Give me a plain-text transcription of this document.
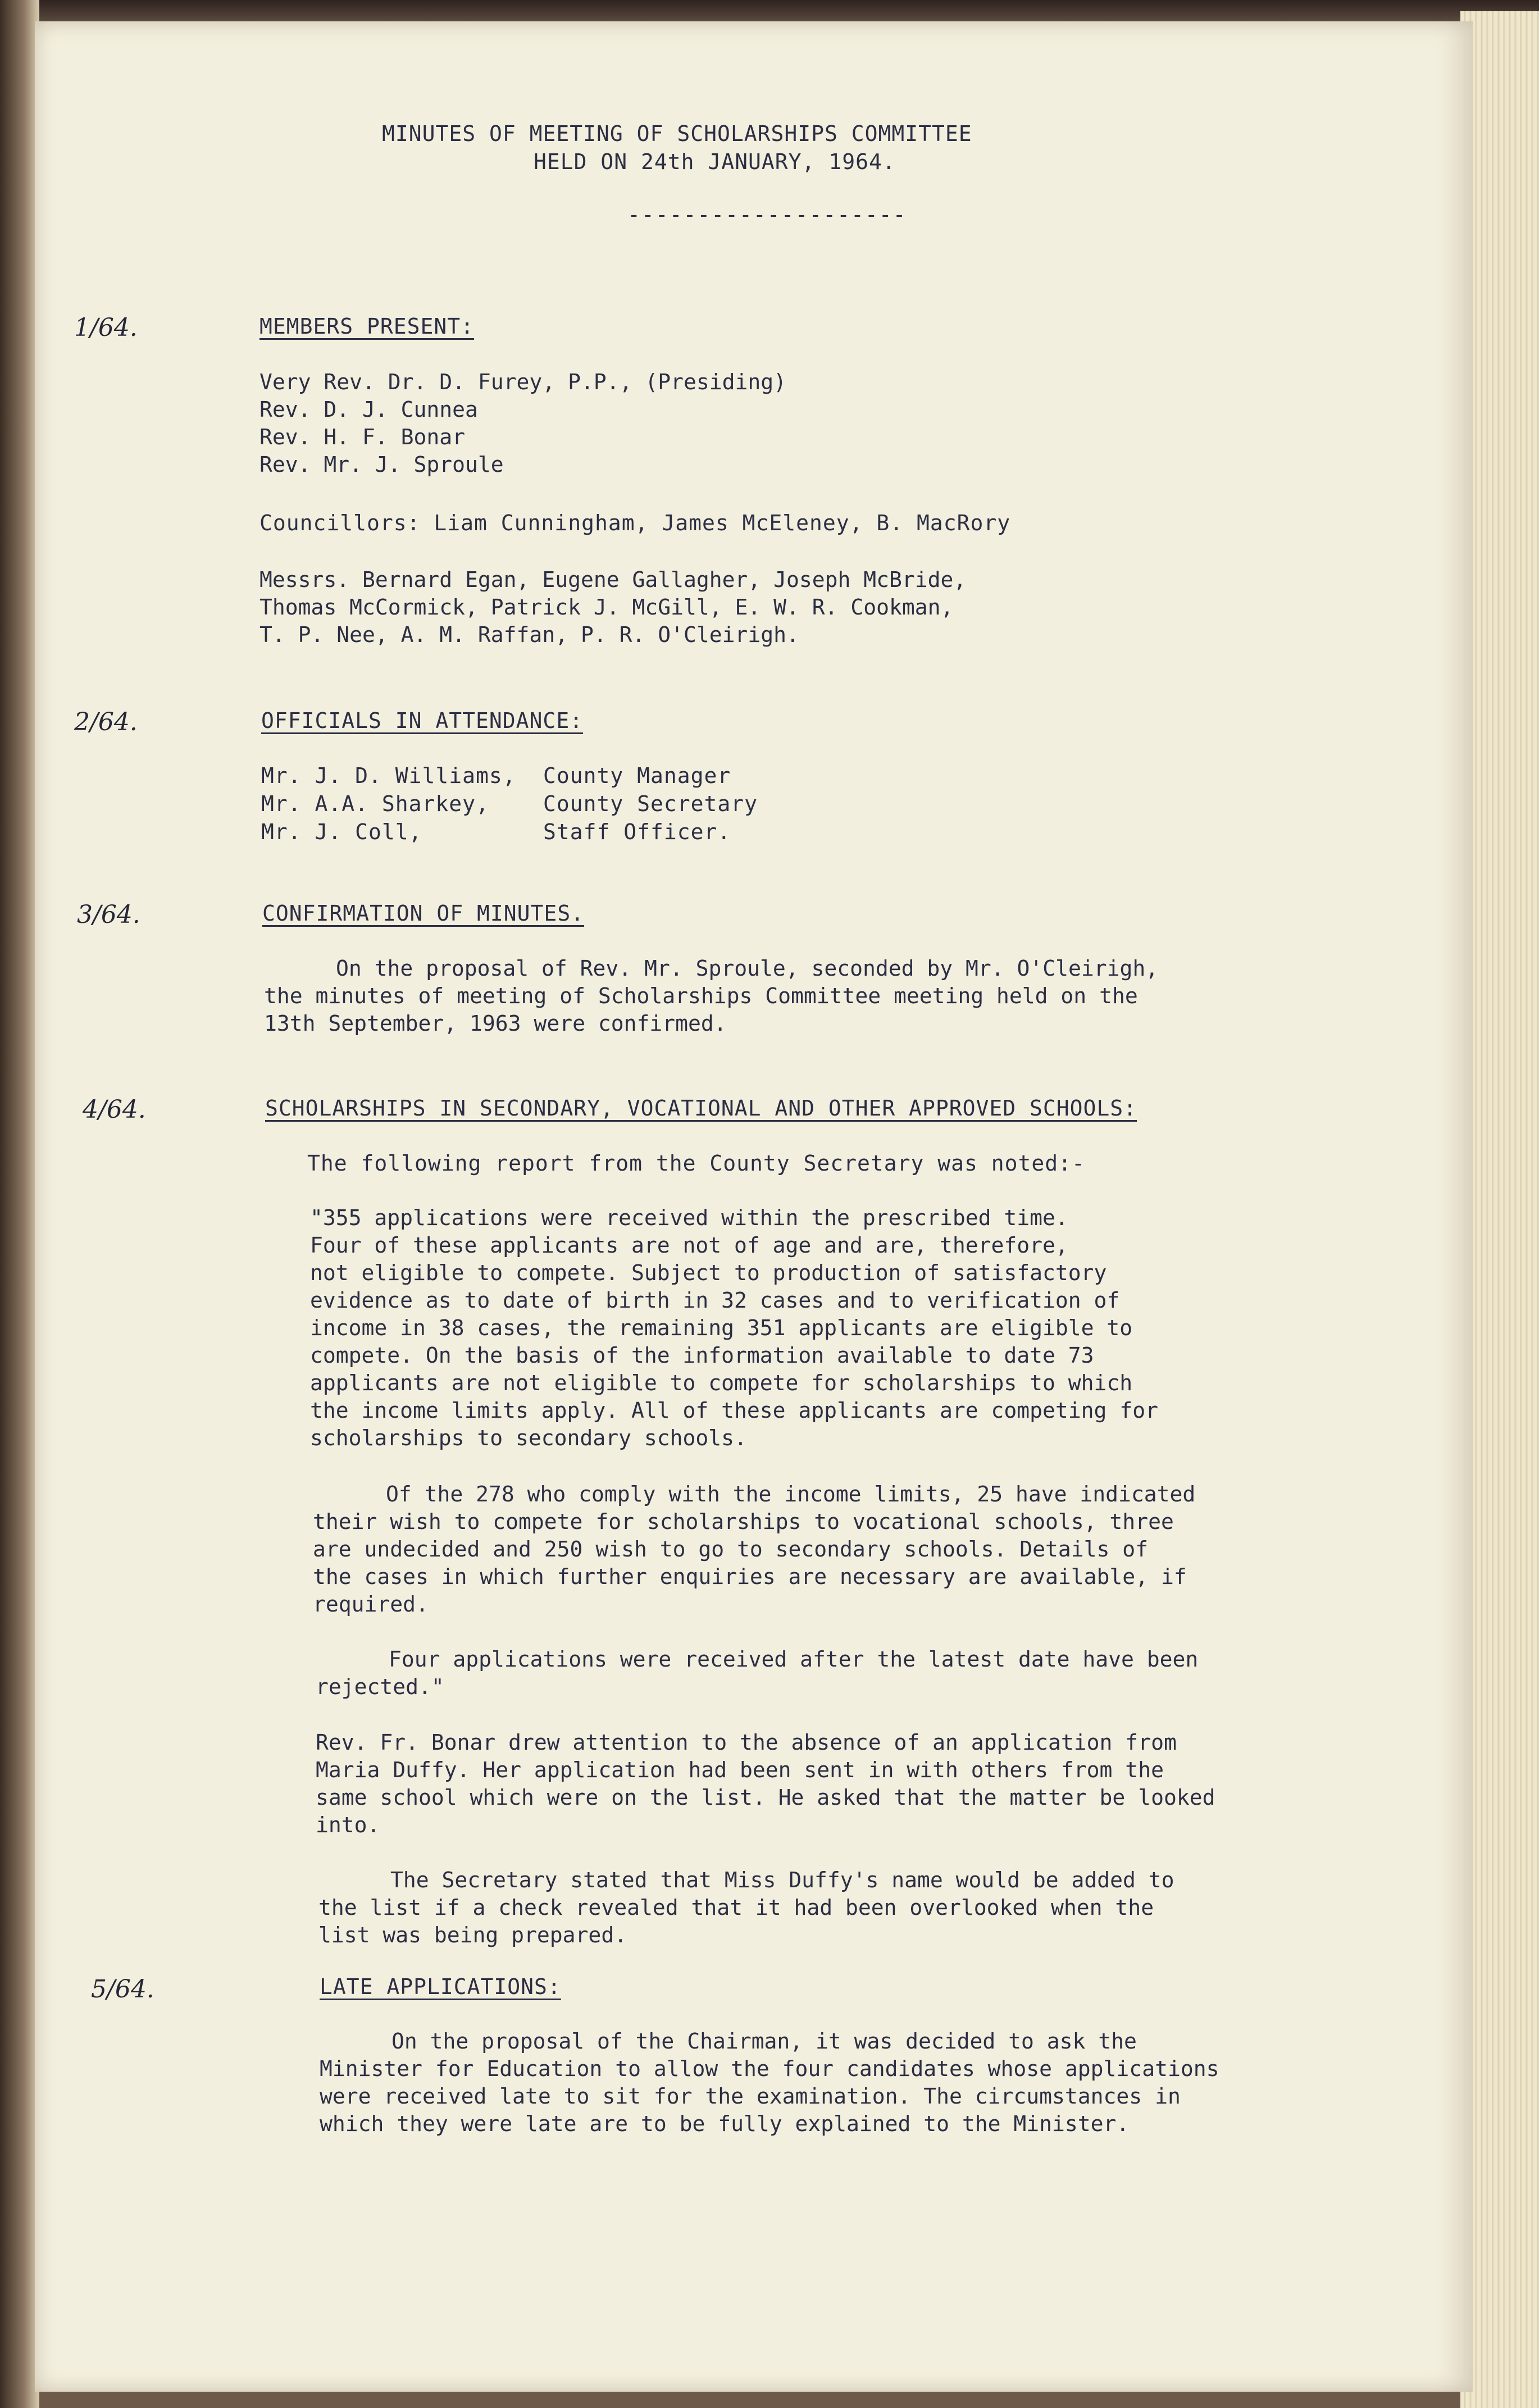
MINUTES OF MEETING OF SCHOLARSHIPS COMMITTEE
HELD ON 24th JANUARY, 1964.
--------------------
1/64.	MEMBERS PRESENT:
Very Rev. Dr. D. Furey, P.P., (Presiding)
Rev. D. J. Cunnea
Rev. H. F. Bonar
Rev. Mr. J. Sproule
Councillors: Liam Cunningham, James McEleney, B. MacRory
Messrs. Bernard Egan, Eugene Gallagher, Joseph McBride,
Thomas McCormick, Patrick J. McGill, E. W. R. Cookman,
T. P. Nee, A. M. Raffan, P. R. O'Cleirigh.
2/64.	OFFICIALS IN ATTENDANCE:
Mr. J. D. Williams, County Manager
Mr. A.A. Sharkey,	County Secretary
Mr. J. Coll,	Staff Officer.
3/64.	CONFIRMATION OF MINUTES.
On the proposal of Rev. Mr. Sproule, seconded by Mr. O'Cleirigh,
the minutes of meeting of Scholarships Committee meeting held on the
13th September, 1963 were confirmed.
4/64.	SCHOLARSHIPS IN SECONDARY, VOCATIONAL AND OTHER APPROVED SCHOOLS:
The following report from the County Secretary was noted:-
"355 applications were received within the prescribed time.
Four of these applicants are not of age and are, therefore,
not eligible to compete. Subject to production of satisfactory
evidence as to date of birth in 32 cases and to verification of
income in 38 cases, the remaining 351 applicants are eligible to
compete. On the basis of the information available to date 73
applicants are not eligible to compete for scholarships to which
the income limits apply. All of these applicants are competing for
scholarships to secondary schools.
Of the 278 who comply with the income limits, 25 have indicated
their wish to compete for scholarships to vocational schools, three
are undecided and 250 wish to go to secondary schools. Details of
the cases in which further enquiries are necessary are available, if
required.
Four applications were received after the latest date have been
rejected."
Rev. Fr. Bonar drew attention to the absence of an application from
Maria Duffy. Her application had been sent in with others from the
same school which were on the list. He asked that the matter be looked
into.
The Secretary stated that Miss Duffy's name would be added to
the list if a check revealed that it had been overlooked when the
list was being prepared.
5/64.	LATE APPLICATIONS:
On the proposal of the Chairman, it was decided to ask the
Minister for Education to allow the four candidates whose applications
were received late to sit for the examination. The circumstances in
which they were late are to be fully explained to the Minister.
